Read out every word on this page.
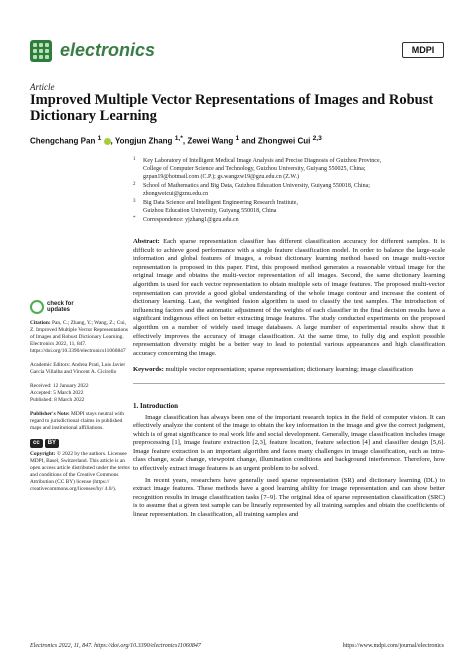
electronics	MDPI
Article
Improved Multiple Vector Representations of Images and Robust Dictionary Learning
Chengchang Pan $^1$ , Yongjun Zhang $^{1,*}$, Zewei Wang $^1$ and Zhongwei Cui $^{2,3}$
1 Key Laboratory of Intelligent Medical Image Analysis and Precise Diagnosis of Guizhou Province,
College of Computer Science and Technology, Guizhou University, Guiyang 550025, China;
gzpan19@hotmail.com (C.P.); gs.wangzw19@gzu.edu.cn (Z.W.)
2 School of Mathematics and Big Data, Guizhou Education University, Guiyang 550018, China;
zhongweicui@gznu.edu.cn
3 Big Data Science and Intelligent Engineering Research Institute,
Guizhou Education University, Guiyang 550018, China
* Correspondence: yjzhang1@gzu.edu.cn
check for
updates

Citation: Pan, C.; Zhang, Y.; Wang, Z.; Cui, Z. Improved Multiple Vector Representations of Images and Robust Dictionary Learning. Electronics 2022, 11, 847. https://doi.org/10.3390/electronics11060847

Academic Editors: Andrea Prati, Luis Javier García Villalba and Vincent A. Cicirello

Received: 12 January 2022
Accepted: 5 March 2022
Published: 8 March 2022

Publisher's Note: MDPI stays neutral with regard to jurisdictional claims in published maps and institutional affiliations.

cc	BY

Copyright: © 2022 by the authors. Licensee MDPI, Basel, Switzerland. This article is an open access article distributed under the terms and conditions of the Creative Commons Attribution (CC BY) license (https:// creativecommons.org/licenses/by/ 4.0/).

Abstract: Each sparse representation classifier has different classification accuracy for different samples. It is difficult to achieve good performance with a single feature classification model. In order to balance the large-scale information and global features of images, a robust dictionary learning method based on image multi-vector representation is proposed in this paper. First, this proposed method generates a reasonable virtual image for the original image and obtains the multi-vector representation of all images. Second, the same dictionary learning algorithm is used for each vector representation to obtain multiple sets of image features. The proposed multi-vector representation can provide a good global understanding of the whole image contour and increase the content of dictionary learning. Last, the weighted fusion algorithm is used to classify the test samples. The introduction of influencing factors and the automatic adjustment of the weights of each classifier in the final decision results have a significant indigenous effect on better extracting image features. The study conducted experiments on the proposed algorithm on a number of widely used image databases. A large number of experimental results show that it effectively improves the accuracy of image classification. At the same time, to fully dig and exploit possible representation diversity might be a better way to lead to potential various appearances and high classification accuracy concerning the image.

Keywords: multiple vector representation; sparse representation; dictionary learning; image classification

1. Introduction

Image classification has always been one of the important research topics in the field of computer vision. It can effectively analyze the content of the image to obtain the key information in the image and give the correct judgment, which is of great significance to real work life and social development. Generally, image classification includes image preprocessing [1], image feature extraction [2,3], feature location, feature selection [4] and classifier design [5,6]. Image feature extraction is an important algorithm and faces many challenges in image classification, such as intra-class change, scale change, viewpoint change, illumination conditions and background interference. Therefore, how to effectively extract image features is an urgent problem to be solved.

In recent years, researchers have generally used sparse representation (SR) and dictionary learning (DL) to extract image features. These methods have a good learning ability for image representation and can show better recognition results in image classification tasks [7–9]. The original idea of sparse representation classification (SRC) is to assume that a given test sample can be linearly represented by all training samples and obtain the coefficients of linear representation. In classification, all training samples and

Electronics 2022, 11, 847. https://doi.org/10.3390/electronics11060847	https://www.mdpi.com/journal/electronics
